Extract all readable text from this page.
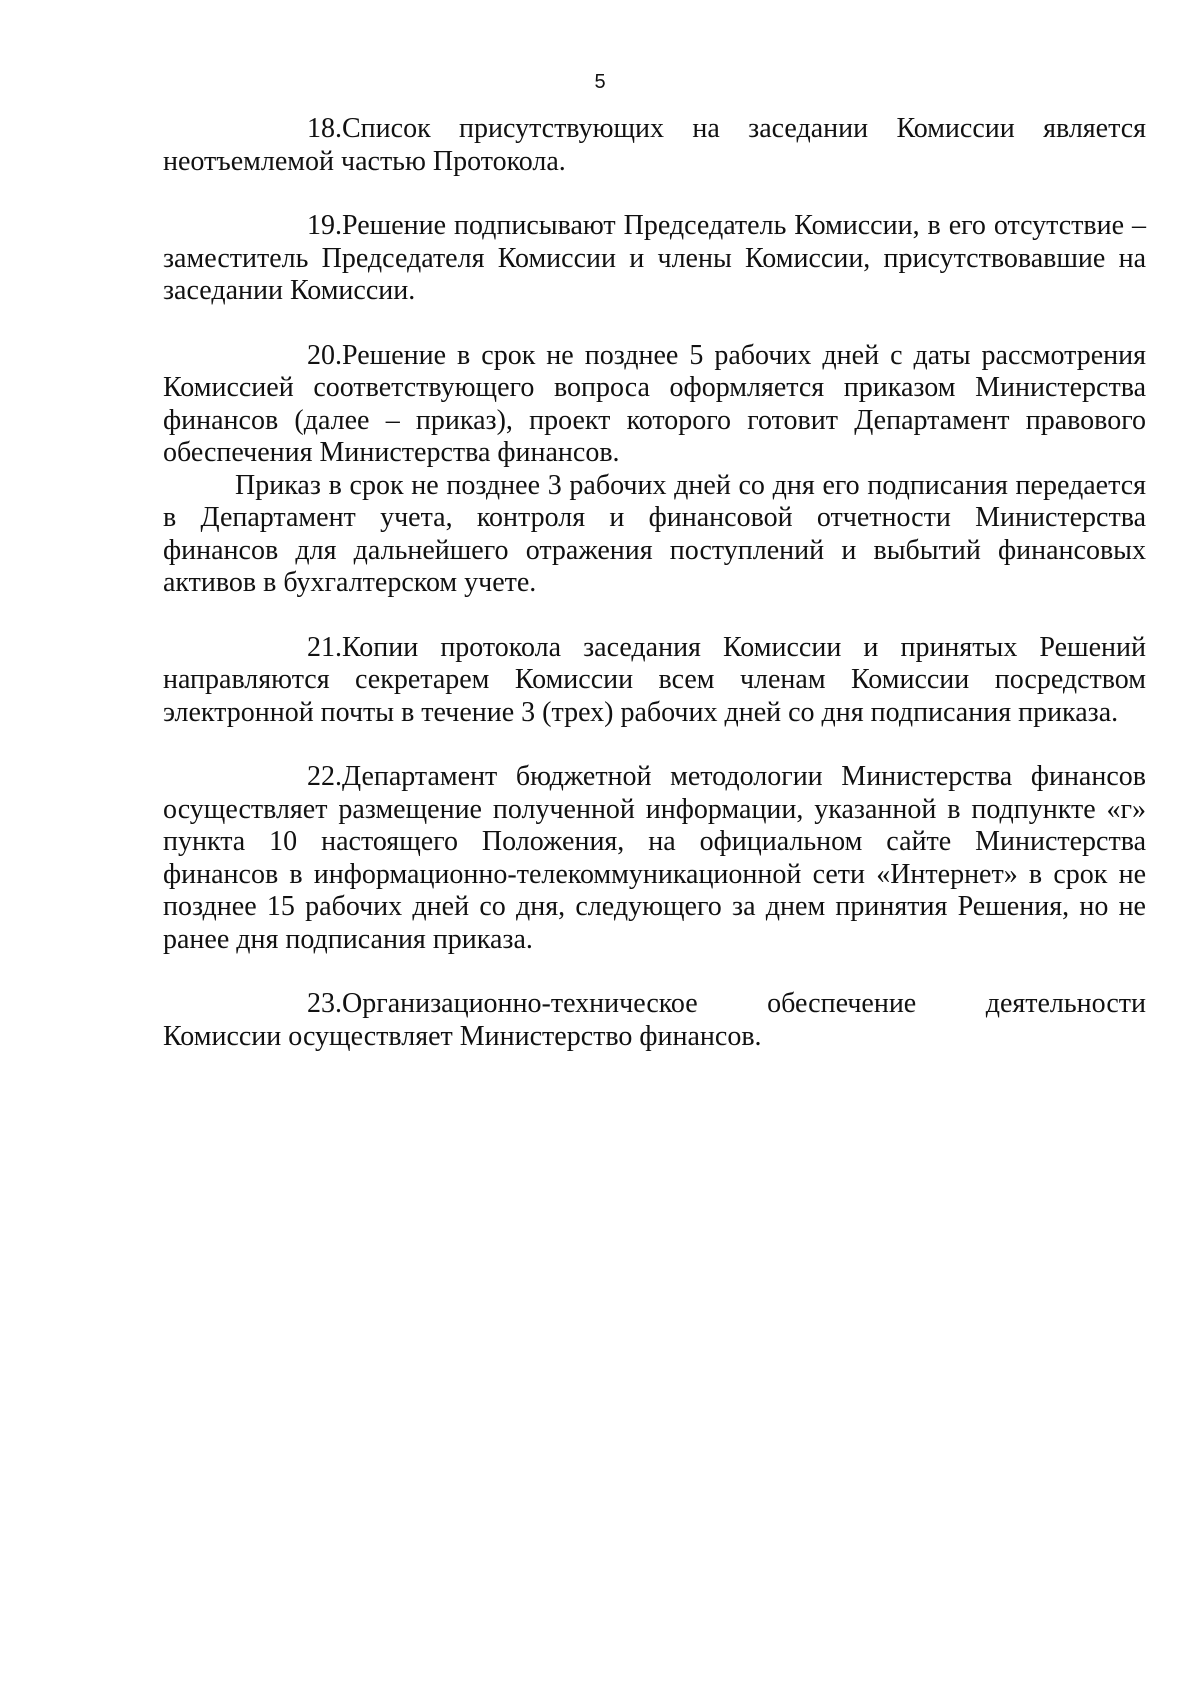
5

18.Список присутствующих на заседании Комиссии является неотъемлемой частью Протокола.

19.Решение подписывают Председатель Комиссии, в его отсутствие – заместитель Председателя Комиссии и члены Комиссии, присутствовавшие на заседании Комиссии.

20.Решение в срок не позднее 5 рабочих дней с даты рассмотрения Комиссией соответствующего вопроса оформляется приказом Министерства финансов (далее – приказ), проект которого готовит Департамент правового обеспечения Министерства финансов.

Приказ в срок не позднее 3 рабочих дней со дня его подписания передается в Департамент учета, контроля и финансовой отчетности Министерства финансов для дальнейшего отражения поступлений и выбытий финансовых активов в бухгалтерском учете.

21.Копии протокола заседания Комиссии и принятых Решений направляются секретарем Комиссии всем членам Комиссии посредством электронной почты в течение 3 (трех) рабочих дней со дня подписания приказа.

22.Департамент бюджетной методологии Министерства финансов осуществляет размещение полученной информации, указанной в подпункте «г» пункта 10 настоящего Положения, на официальном сайте Министерства финансов в информационно-телекоммуникационной сети «Интернет» в срок не позднее 15 рабочих дней со дня, следующего за днем принятия Решения, но не ранее дня подписания приказа.

23.Организационно-техническое обеспечение деятельности Комиссии осуществляет Министерство финансов.
